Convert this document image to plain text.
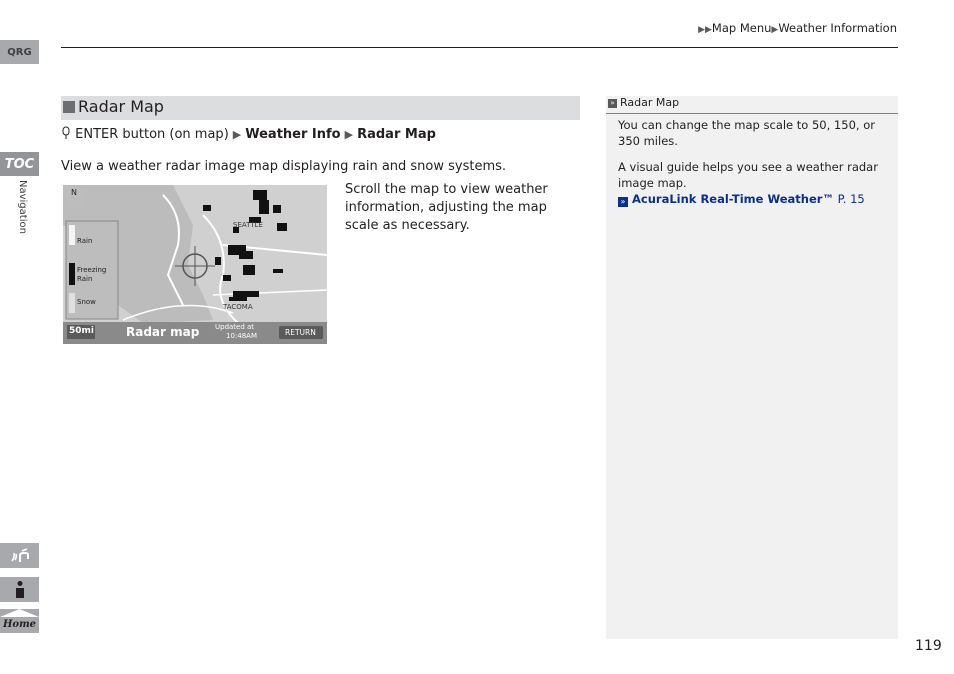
▶▶Map Menu▶Weather Information
QRG
TOC
Navigation
Home
Radar Map
ENTER button (on map) ▶ Weather Info ▶ Radar Map
View a weather radar image map displaying rain and snow systems.
Scroll the map to view weather information, adjusting the map scale as necessary.
N
SEATTLE
TACOMA
Rain
Freezing Rain
Snow
50mi	Radar map Updated at
10:48AM	RETURN
» Radar Map
You can change the map scale to 50, 150, or 350 miles.
A visual guide helps you see a weather radar image map.
» AcuraLink Real-Time Weather™ P. 15
119
